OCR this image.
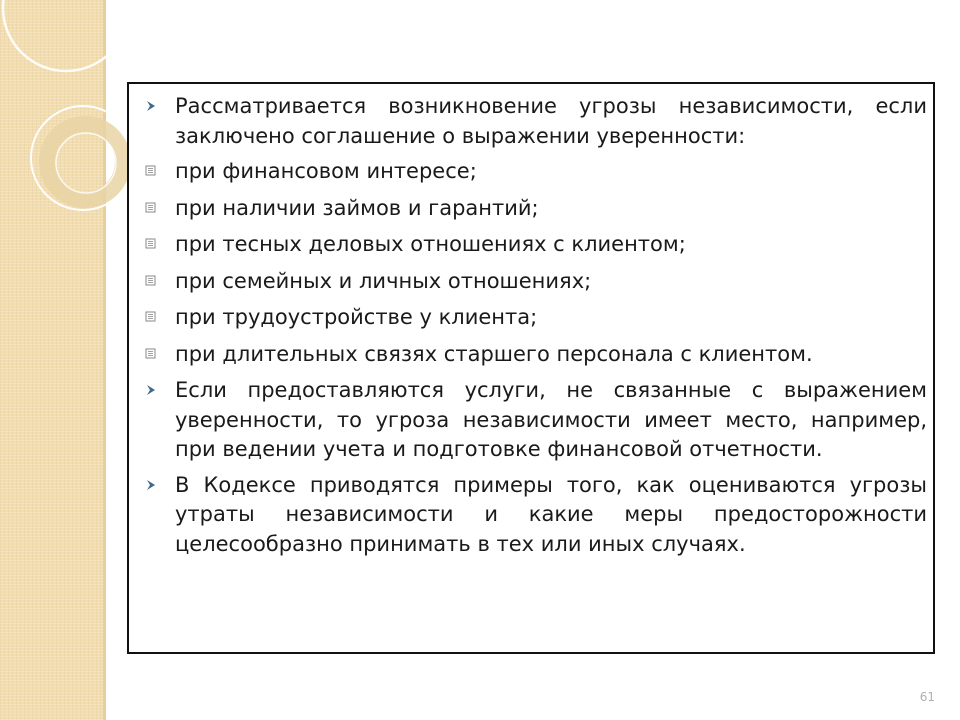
Рассматривается возникновение угрозы независимости, если заключено соглашение о выражении уверенности:
при финансовом интересе;
при наличии займов и гарантий;
при тесных деловых отношениях с клиентом;
при семейных и личных отношениях;
при трудоустройстве у клиента;
при длительных связях старшего персонала с клиентом.
Если предоставляются услуги, не связанные с выражением уверенности, то угроза независимости имеет место, например, при ведении учета и подготовке финансовой отчетности.
В Кодексе приводятся примеры того, как оцениваются угрозы утраты независимости и какие меры предосторожности целесообразно принимать в тех или иных случаях.
61
